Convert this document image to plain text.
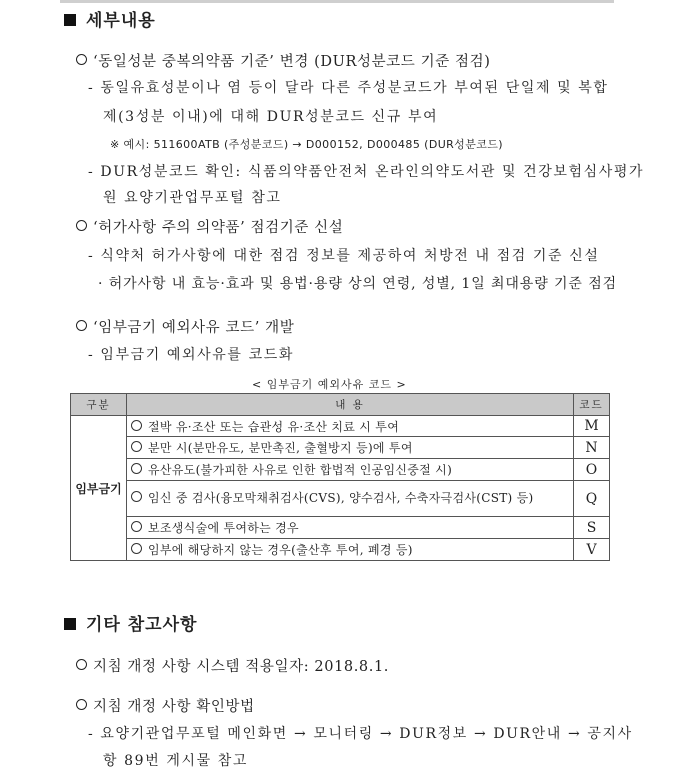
세부내용
‘동일성분 중복의약품 기준’ 변경 (DUR성분코드 기준 점검)
- 동일유효성분이나 염 등이 달라 다른 주성분코드가 부여된 단일제 및 복합
제(3성분 이내)에 대해 DUR성분코드 신규 부여
※ 예시: 511600ATB (주성분코드) → D000152, D000485 (DUR성분코드)
- DUR성분코드 확인: 식품의약품안전처 온라인의약도서관 및 건강보험심사평가
원 요양기관업무포털 참고
‘허가사항 주의 의약품’ 점검기준 신설
- 식약처 허가사항에 대한 점검 정보를 제공하여 처방전 내 점검 기준 신설
· 허가사항 내 효능·효과 및 용법·용량 상의 연령, 성별, 1일 최대용량 기준 점검
‘임부금기 예외사유 코드’ 개발
- 임부금기 예외사유를 코드화
< 임부금기 예외사유 코드 >
구분	내 용	코드
임부금기	절박 유·조산 또는 습관성 유·조산 치료 시 투여	M
	분만 시(분만유도, 분만촉진, 출혈방지 등)에 투여	N
	유산유도(불가피한 사유로 인한 합법적 인공임신중절 시)	O
	임신 중 검사(융모막채취검사(CVS), 양수검사, 수축자극검사(CST) 등)	Q
	보조생식술에 투여하는 경우	S
	임부에 해당하지 않는 경우(출산후 투여, 폐경 등)	V
기타 참고사항
지침 개정 사항 시스템 적용일자: 2018.8.1.
지침 개정 사항 확인방법
- 요양기관업무포털 메인화면 → 모니터링 → DUR정보 → DUR안내 → 공지사
항 89번 게시물 참고
